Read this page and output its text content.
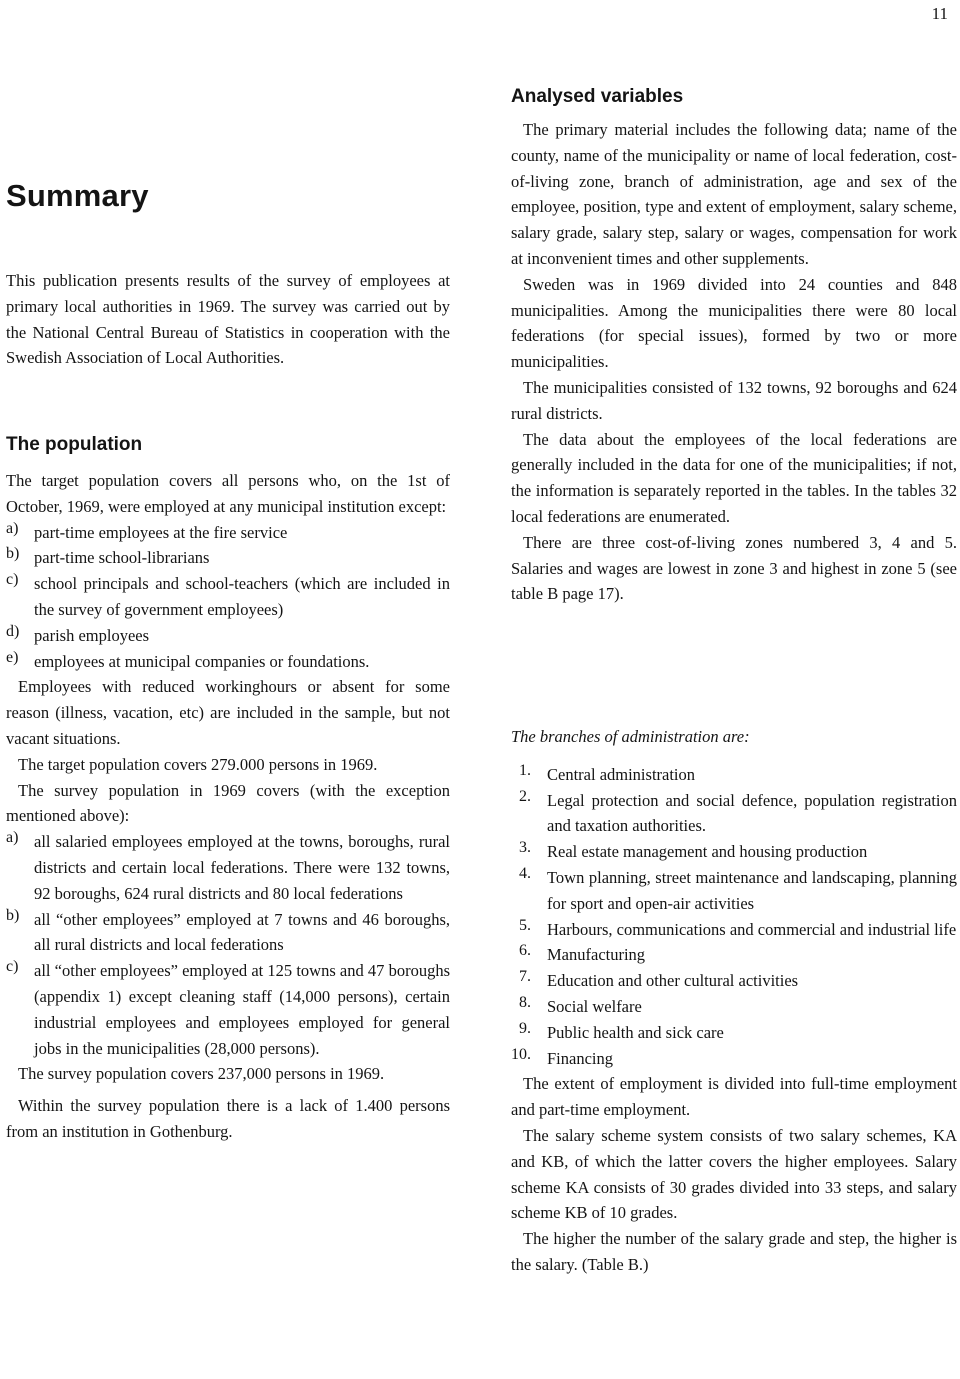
11
Summary

This publication presents results of the survey of employees at primary local authorities in 1969. The survey was carried out by the National Central Bureau of Statistics in cooperation with the Swedish Association of Local Authorities.

The population

The target population covers all persons who, on the 1st of October, 1969, were employed at any municipal institution except:

a) part-time employees at the fire service

b) part-time school-librarians

c) school principals and school-teachers (which are included in the survey of government employees)

d) parish employees

e) employees at municipal companies or foundations.

Employees with reduced workinghours or absent for some reason (illness, vacation, etc) are included in the sample, but not vacant situations.

The target population covers 279.000 persons in 1969.

The survey population in 1969 covers (with the exception mentioned above):

a) all salaried employees employed at the towns, boroughs, rural districts and certain local federations. There were 132 towns, 92 boroughs, 624 rural districts and 80 local federations

b) all “other employees” employed at 7 towns and 46 boroughs, all rural districts and local federations

c) all “other employees” employed at 125 towns and 47 boroughs (appendix 1) except cleaning staff (14,000 persons), certain industrial employees and employees employed for general jobs in the municipalities (28,000 persons).

The survey population covers 237,000 persons in 1969.

Within the survey population there is a lack of 1.400 persons from an institution in Gothenburg.

Analysed variables

The primary material includes the following data; name of the county, name of the municipality or name of local federation, cost-of-living zone, branch of administration, age and sex of the employee, position, type and extent of employment, salary scheme, salary grade, salary step, salary or wages, compensation for work at inconvenient times and other supplements.

Sweden was in 1969 divided into 24 counties and 848 municipalities. Among the municipalities there were 80 local federations (for special issues), formed by two or more municipalities.

The municipalities consisted of 132 towns, 92 boroughs and 624 rural districts.

The data about the employees of the local federations are generally included in the data for one of the municipalities; if not, the information is separately reported in the tables. In the tables 32 local federations are enumerated.

There are three cost-of-living zones numbered 3, 4 and 5. Salaries and wages are lowest in zone 3 and highest in zone 5 (see table B page 17).

The branches of administration are:

1. Central administration

2. Legal protection and social defence, population registration and taxation authorities.

3. Real estate management and housing production

4. Town planning, street maintenance and landscaping, planning for sport and open-air activities

5. Harbours, communications and commercial and industrial life

6. Manufacturing

7. Education and other cultural activities

8. Social welfare

9. Public health and sick care

10. Financing

The extent of employment is divided into full-time employment and part-time employment.

The salary scheme system consists of two salary schemes, KA and KB, of which the latter covers the higher employees. Salary scheme KA consists of 30 grades divided into 33 steps, and salary scheme KB of 10 grades.

The higher the number of the salary grade and step, the higher is the salary. (Table B.)
